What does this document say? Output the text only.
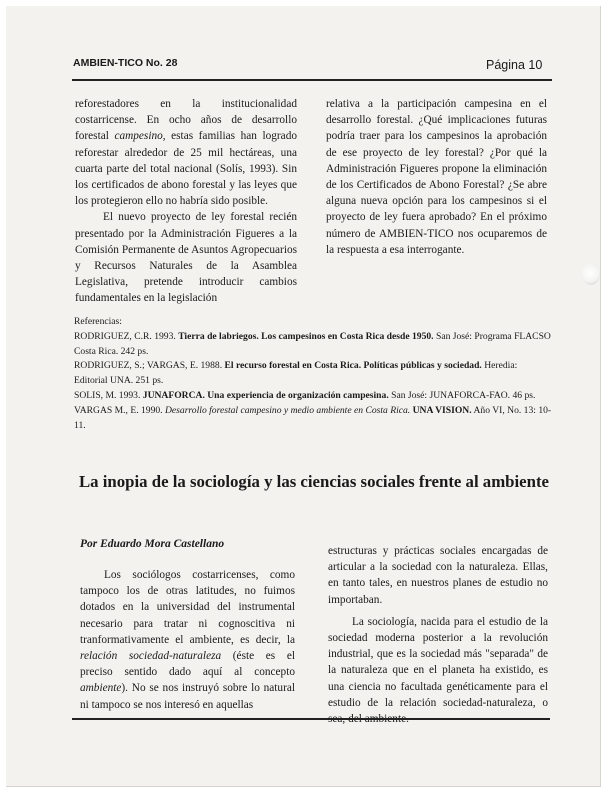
AMBIEN-TICO No. 28	Página 10

reforestadores en la institucionalidad costarricense. En ocho años de desarrollo forestal campesino, estas familias han logrado reforestar alrededor de 25 mil hectáreas, una cuarta parte del total nacional (Solís, 1993). Sin los certificados de abono forestal y las leyes que los protegieron ello no habría sido posible.

El nuevo proyecto de ley forestal recién presentado por la Administración Figueres a la Comisión Permanente de Asuntos Agropecuarios y Recursos Naturales de la Asamblea Legislativa, pretende introducir cambios fundamentales en la legislación

relativa a la participación campesina en el desarrollo forestal. ¿Qué implicaciones futuras podría traer para los campesinos la aprobación de ese proyecto de ley forestal? ¿Por qué la Administración Figueres propone la eliminación de los Certificados de Abono Forestal? ¿Se abre alguna nueva opción para los campesinos si el proyecto de ley fuera aprobado? En el próximo número de AMBIEN-TICO nos ocuparemos de la respuesta a esa interrogante.

Referencias:

RODRIGUEZ, C.R. 1993. Tierra de labriegos. Los campesinos en Costa Rica desde 1950. San José: Programa FLACSO Costa Rica. 242 ps.

RODRIGUEZ, S.; VARGAS, E. 1988. El recurso forestal en Costa Rica. Políticas públicas y sociedad. Heredia: Editorial UNA. 251 ps.

SOLIS, M. 1993. JUNAFORCA. Una experiencia de organización campesina. San José: JUNAFORCA-FAO. 46 ps.

VARGAS M., E. 1990. Desarrollo forestal campesino y medio ambiente en Costa Rica. UNA VISION. Año VI, No. 13: 10-11.

La inopia de la sociología y las ciencias sociales frente al ambiente
Por Eduardo Mora Castellano

Los sociólogos costarricenses, como tampoco los de otras latitudes, no fuimos dotados en la universidad del instrumental necesario para tratar ni cognoscitiva ni tranformativamente el ambiente, es decir, la relación sociedad-naturaleza (éste es el preciso sentido dado aquí al concepto ambiente). No se nos instruyó sobre lo natural ni tampoco se nos interesó en aquellas

estructuras y prácticas sociales encargadas de articular a la sociedad con la naturaleza. Ellas, en tanto tales, en nuestros planes de estudio no importaban.

La sociología, nacida para el estudio de la sociedad moderna posterior a la revolución industrial, que es la sociedad más "separada" de la naturaleza que en el planeta ha existido, es una ciencia no facultada genéticamente para el estudio de la relación sociedad-naturaleza, o
